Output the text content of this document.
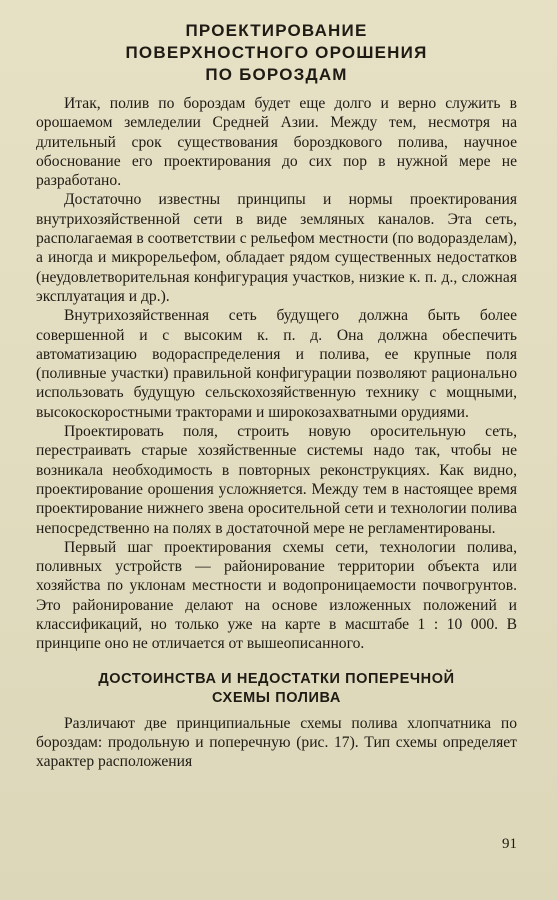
ПРОЕКТИРОВАНИЕ
ПОВЕРХНОСТНОГО ОРОШЕНИЯ
ПО БОРОЗДАМ

Итак, полив по бороздам будет еще долго и верно служить в орошаемом земледелии Средней Азии. Между тем, несмотря на длительный срок существования бороздкового полива, научное обоснование его проектирования до сих пор в нужной мере не разработано.

Достаточно известны принципы и нормы проектирования внутрихозяйственной сети в виде земляных каналов. Эта сеть, располагаемая в соответствии с рельефом местности (по водоразделам), а иногда и микрорельефом, обладает рядом существенных недостатков (неудовлетворительная конфигурация участков, низкие к. п. д., сложная эксплуатация и др.).

Внутрихозяйственная сеть будущего должна быть более совершенной и с высоким к. п. д. Она должна обеспечить автоматизацию водораспределения и полива, ее крупные поля (поливные участки) правильной конфигурации позволяют рационально использовать будущую сельскохозяйственную технику с мощными, высокоскоростными тракторами и широкозахватными орудиями.

Проектировать поля, строить новую оросительную сеть, перестраивать старые хозяйственные системы надо так, чтобы не возникала необходимость в повторных реконструкциях. Как видно, проектирование орошения усложняется. Между тем в настоящее время проектирование нижнего звена оросительной сети и технологии полива непосредственно на полях в достаточной мере не регламентированы.

Первый шаг проектирования схемы сети, технологии полива, поливных устройств — районирование территории объекта или хозяйства по уклонам местности и водопроницаемости почвогрунтов. Это районирование делают на основе изложенных положений и классификаций, но только уже на карте в масштабе 1 : 10 000. В принципе оно не отличается от вышеописанного.

ДОСТОИНСТВА И НЕДОСТАТКИ ПОПЕРЕЧНОЙ
СХЕМЫ ПОЛИВА

Различают две принципиальные схемы полива хлопчатника по бороздам: продольную и поперечную (рис. 17). Тип схемы определяет характер расположения

91
